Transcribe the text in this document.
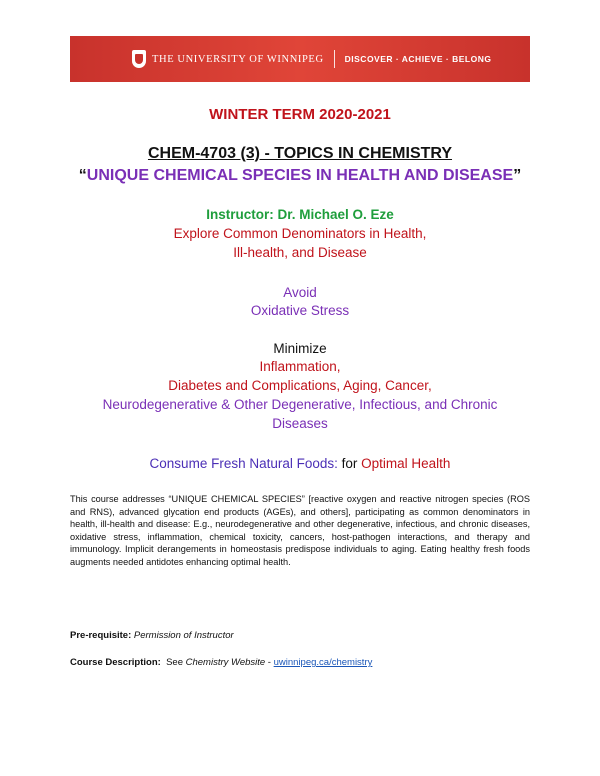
THE UNIVERSITY OF WINNIPEG DISCOVER · ACHIEVE · BELONG
WINTER TERM 2020-2021
CHEM-4703 (3) - TOPICS IN CHEMISTRY
“UNIQUE CHEMICAL SPECIES IN HEALTH AND DISEASE”
Instructor: Dr. Michael O. Eze
Explore Common Denominators in Health,
Ill-health, and Disease
Avoid
Oxidative Stress
Minimize
Inflammation,
Diabetes and Complications, Aging, Cancer,
Neurodegenerative & Other Degenerative, Infectious, and Chronic
Diseases
Consume Fresh Natural Foods: for Optimal Health
This course addresses “UNIQUE CHEMICAL SPECIES” [reactive oxygen and reactive nitrogen species (ROS and RNS), advanced glycation end products (AGEs), and others], participating as common denominators in health, ill-health and disease: E.g., neurodegenerative and other degenerative, infectious, and chronic diseases, oxidative stress, inflammation, chemical toxicity, cancers, host-pathogen interactions, and therapy and immunology. Implicit derangements in homeostasis predispose individuals to aging. Eating healthy fresh foods augments needed antidotes enhancing optimal health.
Pre-requisite: Permission of Instructor
Course Description:  See Chemistry Website - uwinnipeg.ca/chemistry
